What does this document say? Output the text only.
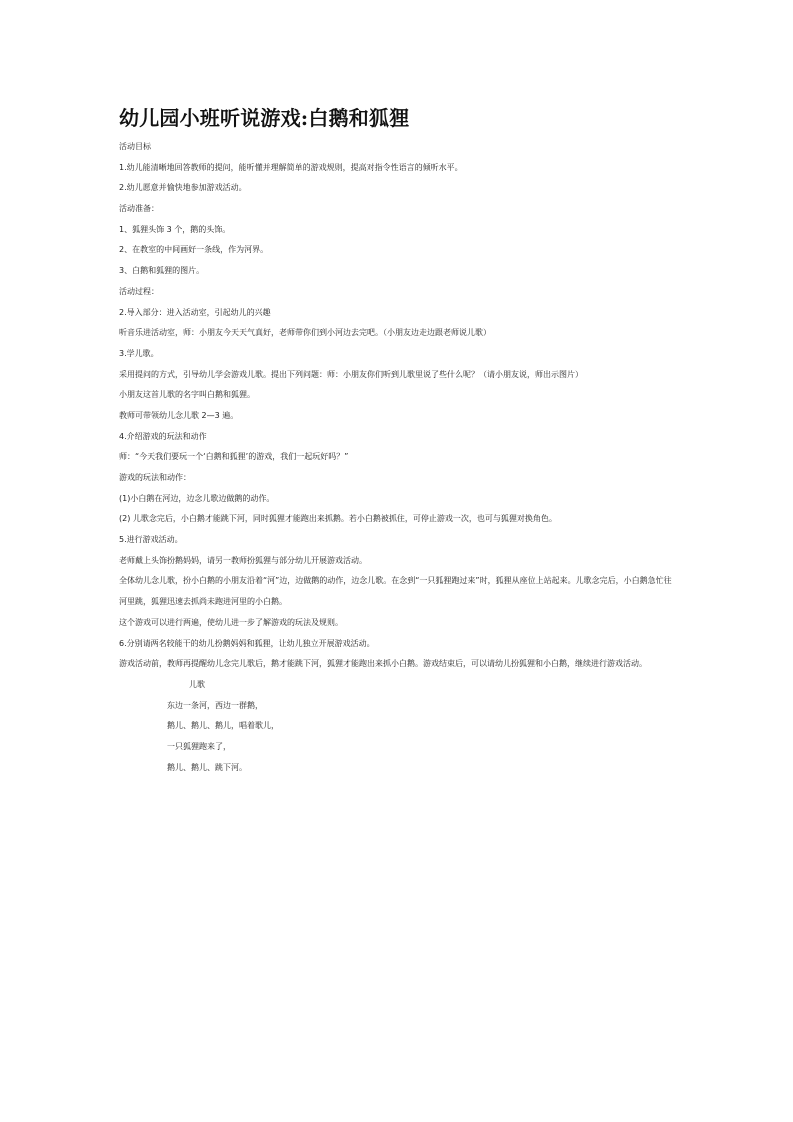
幼儿园小班听说游戏:白鹅和狐狸
活动目标
1.幼儿能清晰地回答教师的提问，能听懂并理解简单的游戏规则，提高对指令性语言的倾听水平。
2.幼儿愿意并愉快地参加游戏活动。
活动准备：
1、狐狸头饰 3 个，鹅的头饰。
2、在教室的中间画好一条线，作为河界。
3、白鹅和狐狸的图片。
活动过程：
2.导入部分：进入活动室，引起幼儿的兴趣
听音乐进活动室，师：小朋友今天天气真好，老师带你们到小河边去完吧。（小朋友边走边跟老师说儿歌）
3.学儿歌。
采用提问的方式，引导幼儿学会游戏儿歌。提出下列问题：师：小朋友你们听到儿歌里说了些什么呢？（请小朋友说，师出示图片）
小朋友这首儿歌的名字叫白鹅和狐狸。
教师可带领幼儿念儿歌 2—3 遍。
4.介绍游戏的玩法和动作
师：“今天我们要玩一个‘白鹅和狐狸’的游戏，我们一起玩好吗？”
游戏的玩法和动作：
(1)小白鹅在河边，边念儿歌边做鹅的动作。
(2) 儿歌念完后，小白鹅才能跳下河，同时狐狸才能跑出来抓鹅。若小白鹅被抓住，可停止游戏一次，也可与狐狸对换角色。
5.进行游戏活动。
老师戴上头饰扮鹅妈妈，请另一教师扮狐狸与部分幼儿开展游戏活动。
全体幼儿念儿歌，扮小白鹅的小朋友沿着“河”边，边做鹅的动作，边念儿歌。在念到“一只狐狸跑过来”时，狐狸从座位上站起来。儿歌念完后，小白鹅急忙往河里跳，狐狸迅速去抓尚未跑进河里的小白鹅。
这个游戏可以进行两遍，使幼儿进一步了解游戏的玩法及规则。
6.分别请两名较能干的幼儿扮鹅妈妈和狐狸，让幼儿独立开展游戏活动。
游戏活动前，教师再提醒幼儿念完儿歌后，鹅才能跳下河，狐狸才能跑出来抓小白鹅。游戏结束后，可以请幼儿扮狐狸和小白鹅，继续进行游戏活动。
儿歌
东边一条河，西边一群鹅，
鹅儿、鹅儿、鹅儿，唱着歌儿，
一只狐狸跑来了，
鹅儿、鹅儿、跳下河。
